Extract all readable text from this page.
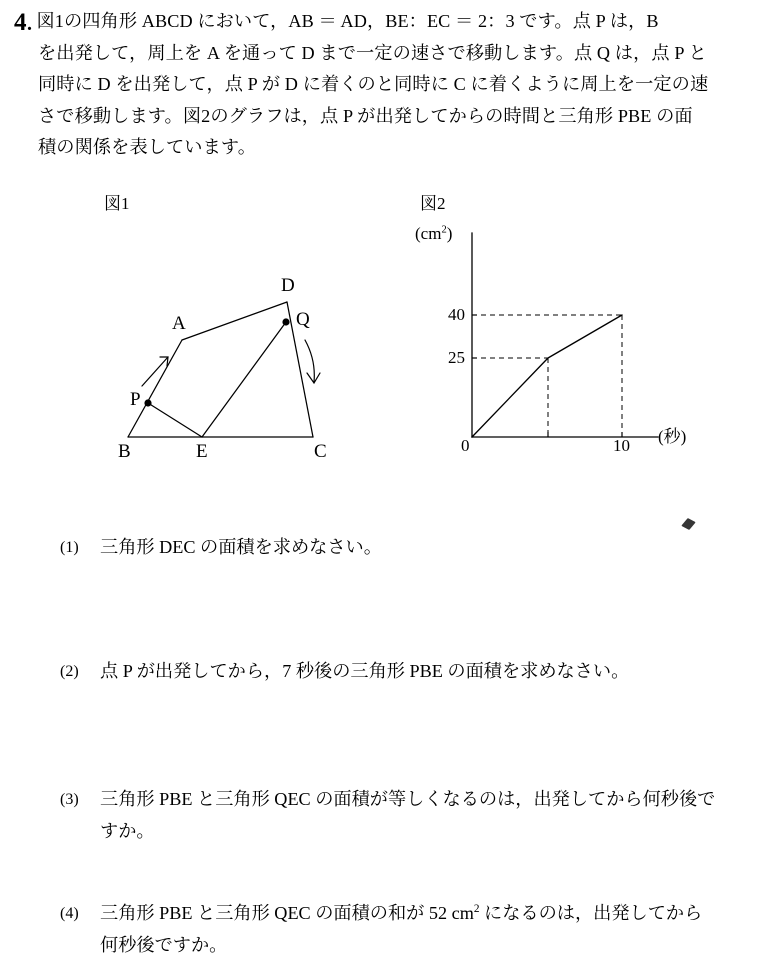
4. 図1の四角形 ABCD において，AB ＝ AD，BE：EC ＝ 2：3 です。点 P は，B
を出発して，周上を A を通って D まで一定の速さで移動します。点 Q は，点 P と
同時に D を出発して，点 P が D に着くのと同時に C に着くように周上を一定の速
さで移動します。図2のグラフは，点 P が出発してからの時間と三角形 PBE の面
積の関係を表しています。
図1
A
D
Q
P
B	E	C
図2
$(cm^2)$
(秒)
40
25
0	10
(1)	三角形 DEC の面積を求めなさい。
(2)	点 P が出発してから，7 秒後の三角形 PBE の面積を求めなさい。
(3)	三角形 PBE と三角形 QEC の面積が等しくなるのは，出発してから何秒後で
すか。
(4)	三角形 PBE と三角形 QEC の面積の和が 52 $cm^2$ になるのは，出発してから
何秒後ですか。
